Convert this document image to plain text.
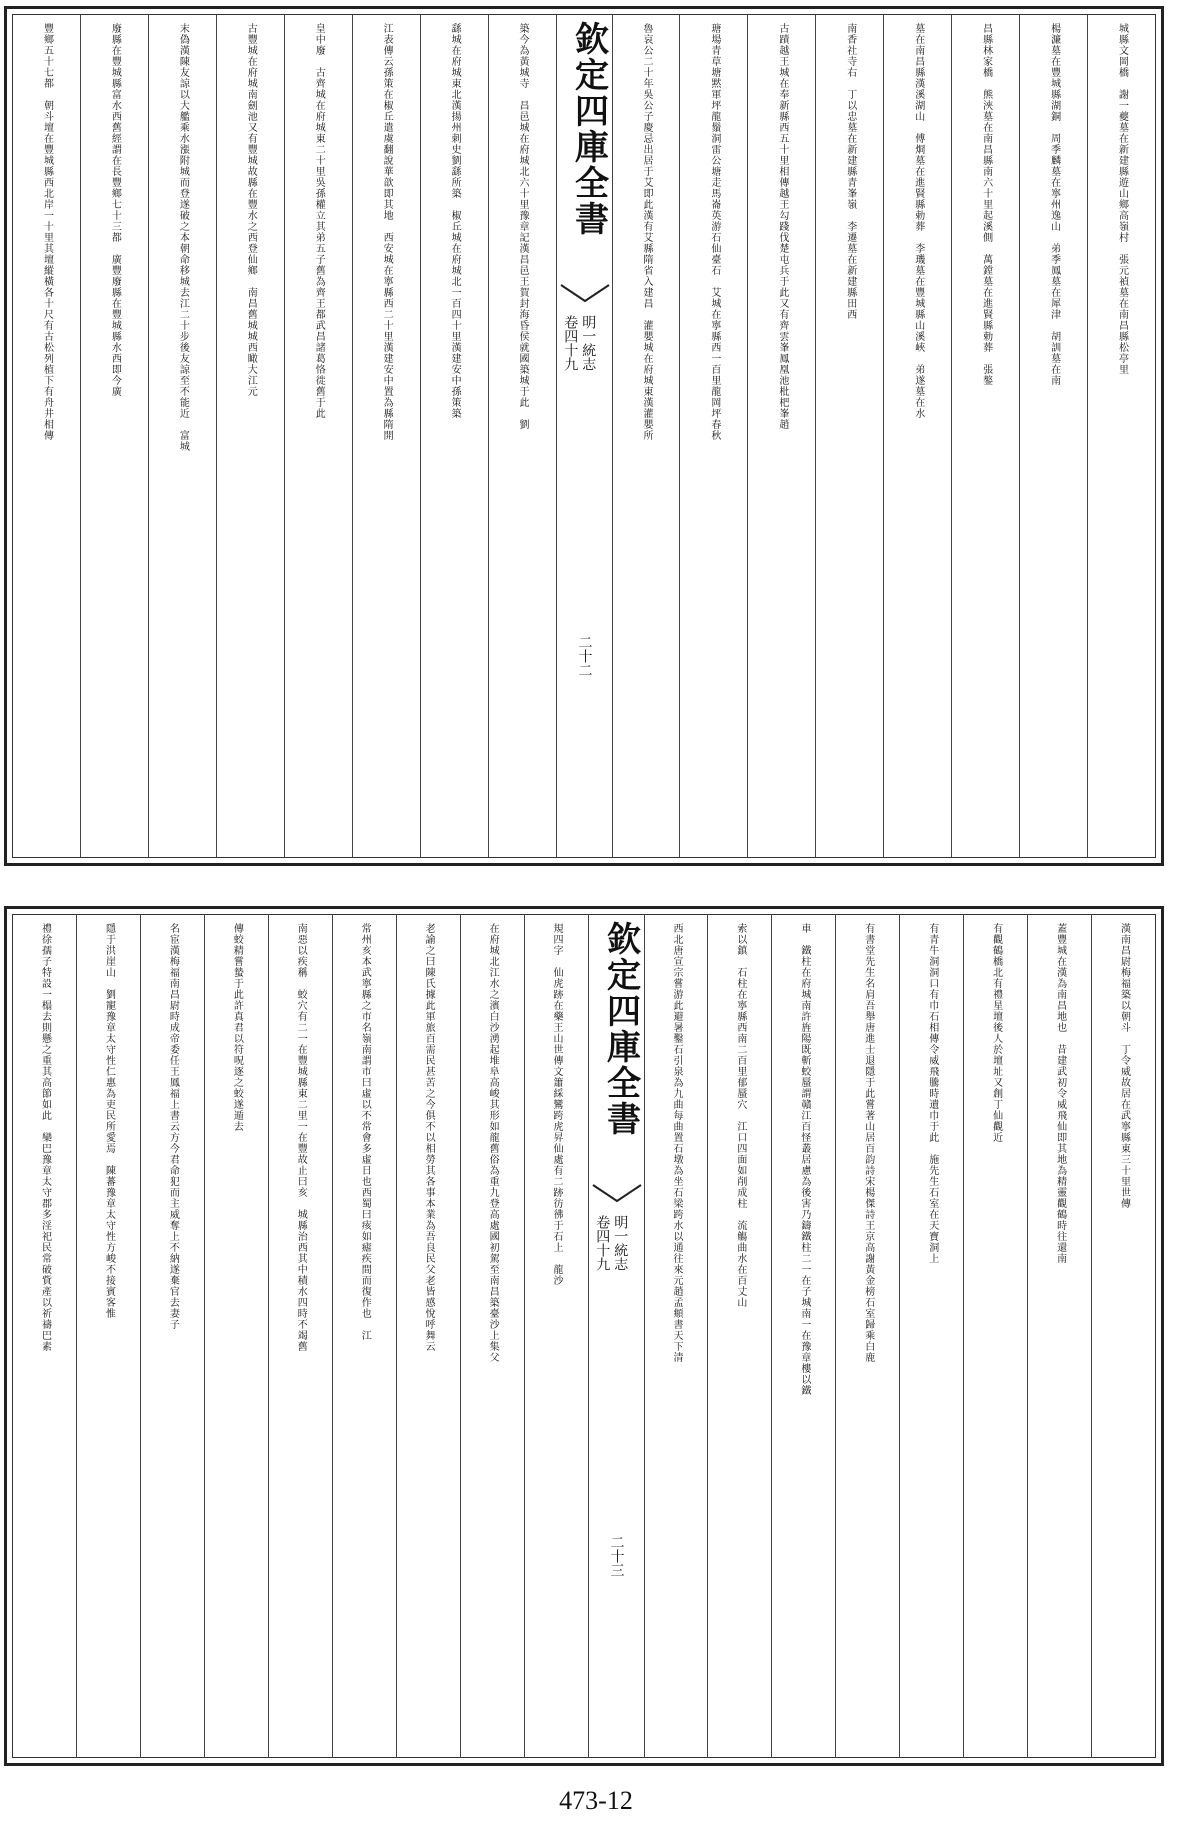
城縣文岡橋　謝一夔墓在新建縣遊山鄉高嶺村　張元禎墓在南昌縣松亭里
楊濂墓在豐城縣湖銅　周季麟墓在寧州逸山　弟季鳳墓在犀津　胡訓墓在南
昌縣林家橋　熊浹墓在南昌縣南六十里起溪側　萬鏜墓在進賢縣勅葬　張鏊
墓在南昌縣漢溪湖山　傅烱墓在進賢縣勅葬　李璣墓在豐城縣山溪峽　弟遂墓在水
南香社寺右　丁以忠墓在新建縣青峯嶺　李遷墓在新建縣田西
古蹟越王城在奉新縣西五十里相傳越王勾踐伐楚屯兵于此又有齊雲峯鳳凰池枇杷峯趙
瑭場青草塘黙軍坪龍鬚洞雷公塘走馬崙英游石仙臺石　艾城在寧縣西一百里龍岡坪春秋
魯哀公二十年吳公子慶忌出居于艾即此漢有艾縣隋省入建昌　灌嬰城在府城東漢灌嬰所
欽定四庫全書
卷四十九 明一統志
二十二
築今為黃城寺　昌邑城在府城北六十里豫章記漢昌邑王賀封海昏侯就國築城于此　劉
繇城在府城東北漢揚州刺史劉繇所築　椒丘城在府城北一百四十里漢建安中孫策築
江表傳云孫策在椒丘遣虞翻說華歆即其地　西安城在寧縣西二十里漢建安中置為縣隋開
皇中廢　古齊城在府城東二十里吳孫權立其弟五子舊為齊王都武昌諸葛恪徙舊于此
古豐城在府城南劍池又有豐城故縣在豐水之西登仙鄉　南昌舊城城西瞰大江元
末偽漢陳友諒以大艦乘水漲附城而登遂破之本朝命移城去江二十步後友諒至不能近　富城
廢縣在豐城縣富水西舊經謂在長豐鄉七十三都　廣豐廢縣在豐城縣水西即今廣
豐鄉五十七都　朝斗壇在豐城縣西北岸一十里其壇縱橫各十尺有古松列植下有舟井相傳
漢南昌尉梅福築以朝斗　丁令威故居在武寧縣東三十里世傳
蓋豐城在漢為南昌地也　昔建武初令威飛仙即其地為精靈觀鶴時往還南
有觀鶴橋北有禮星壇後人於壇址又創丁仙觀近
有青牛洞洞口有巾石相傳令威飛騰時遺巾于此　施先生石室在天寶洞上
有書堂先生名肩吾舉唐進士退隱于此嘗著山居百韵詩宋楊傑詩王京高謝黃金榜石室歸乘白鹿
車　鐵柱在府城南許旌陽既斬蛟蜃謂贛江百怪叢居慮為後害乃鑄鐵柱二一在子城南一在豫章樓以鐵
索以鎮　石柱在寧縣西南二百里郁蜃穴　江口四面如削成柱　流觴曲水在百丈山
西北唐宣宗嘗游此避暑鑿石引泉為九曲每曲置石墩為坐石梁跨水以通往來元趙孟頫書天下清
欽定四庫全書
卷四十九 明一統志
二十三
規四字　仙虎跡在藥王山世傳文簫綵鸞跨虎昇仙處有二跡彷彿于石上　龍沙
在府城北江水之濱白沙湧起堆阜高峻其形如龍舊俗為重九登高處國初駕至南昌築臺沙上集父
老諭之曰陳氏據此軍旅百需民甚苦之今俱不以相勞其各事本業為吾良民父老皆感悅呼舞云
常州亥本武寧縣之市名嶺南謂市曰虛以不常會多虛日也西蜀曰痎如瘧疾間而復作也　江
南惡以疾稱　蛟穴有二一在豐城縣東二里一在豐故止曰亥　城縣治西其中積水四時不竭舊
傳蛟精嘗蟄于此許真君以符呪逐之蛟遂遁去
名宦漢梅福南昌尉時成帝委任王鳳福上書云方今君命犯而主威奪上不納遂棄官去妻子
隱于洪崖山　劉寵豫章太守性仁惠為吏民所愛焉　陳蕃豫章太守性方峻不接賓客惟
禮徐孺子特設一榻去則懸之重其高節如此　欒巴豫章太守郡多淫祀民常破貲產以祈禱巴素
473-12
